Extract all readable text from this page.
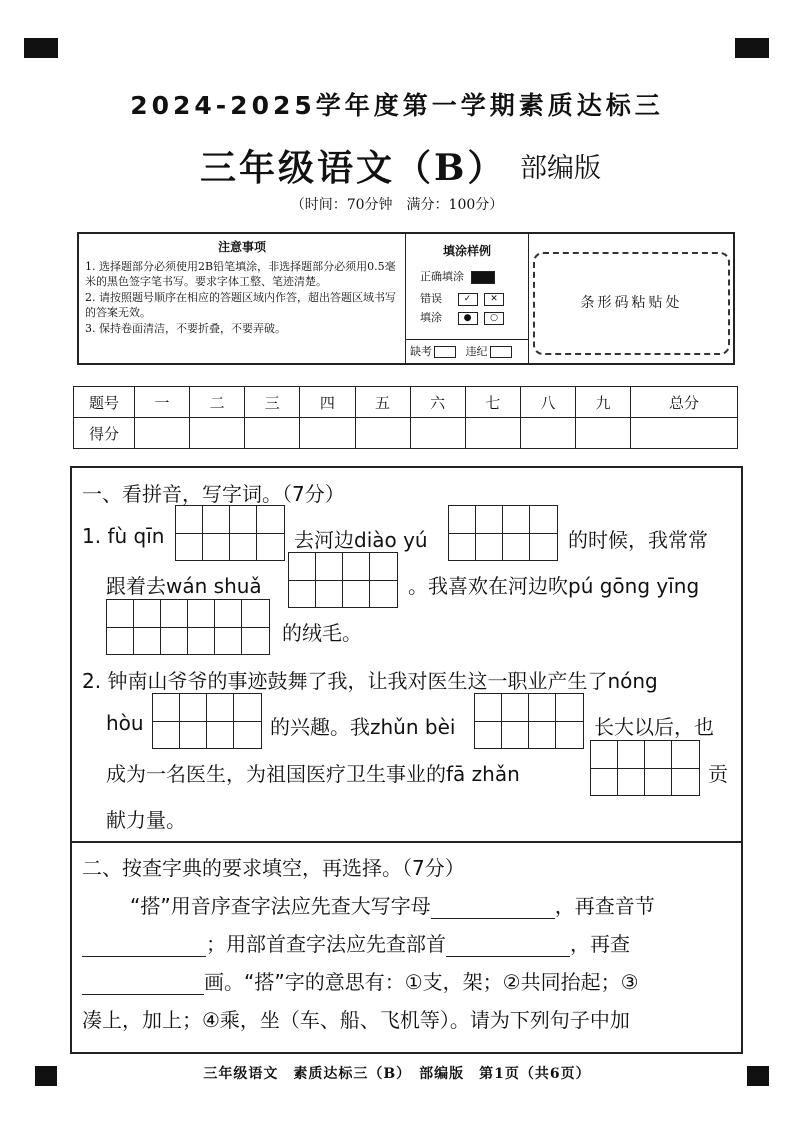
2024-2025学年度第一学期素质达标三
三年级语文（B） 部编版
（时间：70分钟　满分：100分）
注意事项
1. 选择题部分必须使用2B铅笔填涂，非选择题部分必须用0.5毫米的黑色签字笔书写。要求字体工整、笔迹清楚。
2. 请按照题号顺序在相应的答题区域内作答，超出答题区域书写的答案无效。
3. 保持卷面清洁，不要折叠，不要弄破。
填涂样例
正确填涂
错误 ✓ ✕
填涂 ● ○
缺考	违纪
条形码粘贴处
题号	一	二	三	四	五	六	七	八	九	总分
得分										
一、看拼音，写字词。（7分）
1. fù qīn	去河边diào yú	的时候，我常常
跟着去wán shuǎ	。我喜欢在河边吹pú gōng yīng
的绒毛。
2. 钟南山爷爷的事迹鼓舞了我，让我对医生这一职业产生了nóng
hòu	的兴趣。我zhǔn bèi	长大以后，也
成为一名医生，为祖国医疗卫生事业的fā zhǎn	贡
献力量。
二、按查字典的要求填空，再选择。（7分）
“搭”用音序查字法应先查大写字母	，再查音节
；用部首查字法应先查部首	，再查
画。“搭”字的意思有：①支，架；②共同抬起；③
凑上，加上；④乘，坐（车、船、飞机等）。请为下列句子中加
三年级语文　素质达标三（B）　部编版　第1页（共6页）
